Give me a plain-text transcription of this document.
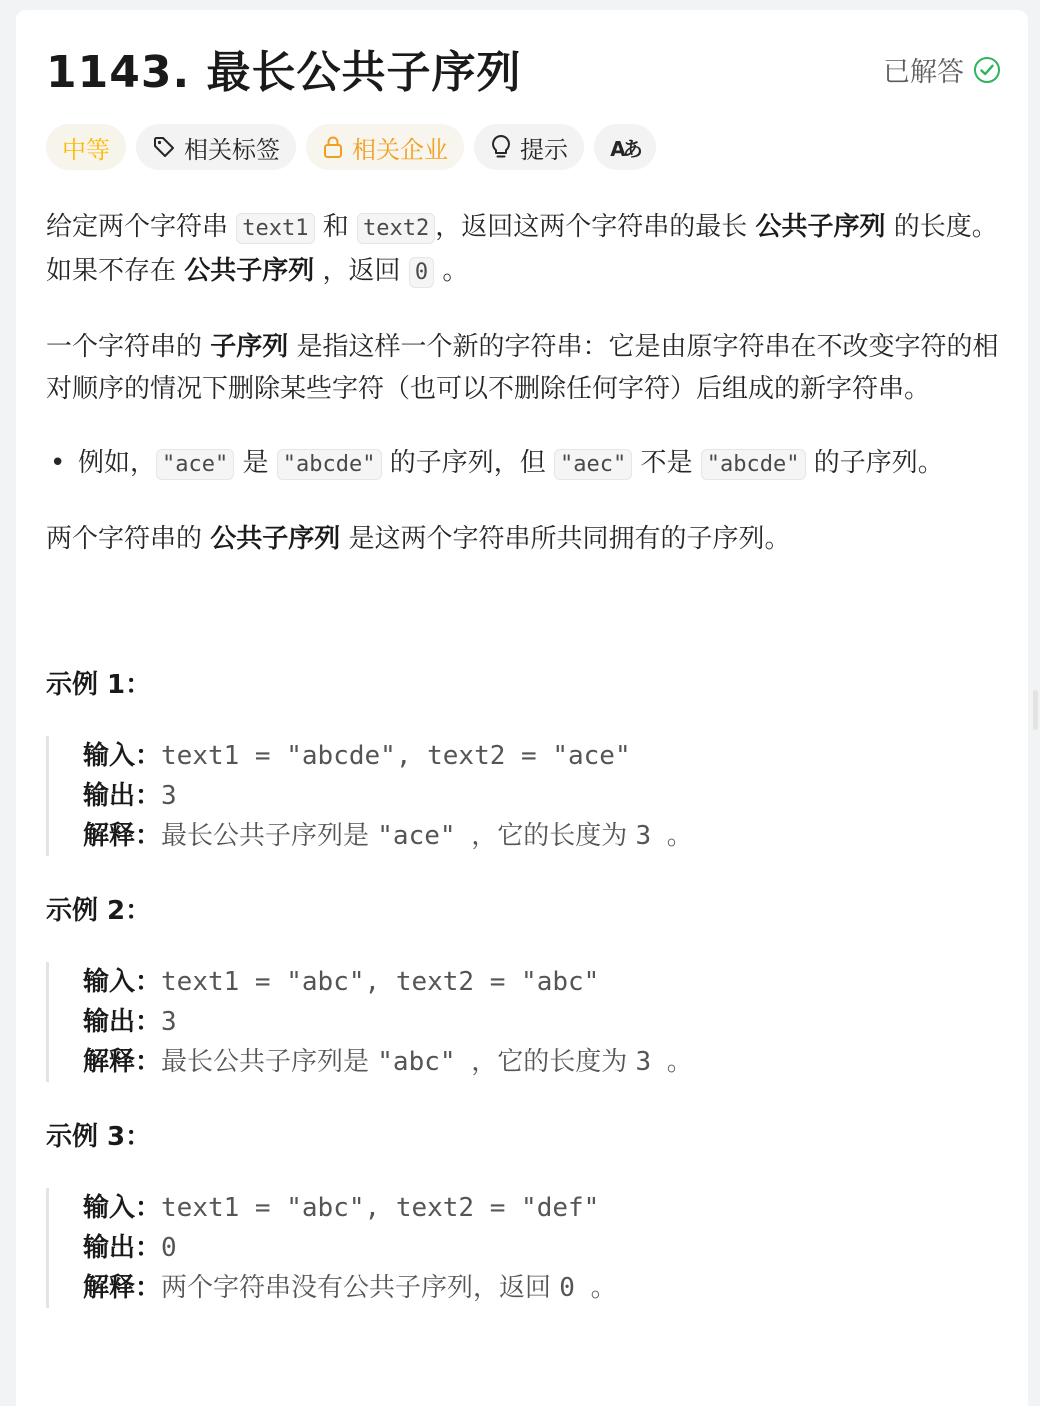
1143. 最长公共子序列	已解答
中等	相关标签	相关企业	提示 Aあ

给定两个字符串 text1 和 text2 ，返回这两个字符串的最长 公共子序列 的长度。如果不存在 公共子序列 ，返回 0 。

一个字符串的 子序列 是指这样一个新的字符串：它是由原字符串在不改变字符的相对顺序的情况下删除某些字符（也可以不删除任何字符）后组成的新字符串。

• 例如， "ace" 是 "abcde" 的子序列，但 "aec" 不是 "abcde" 的子序列。

两个字符串的 公共子序列 是这两个字符串所共同拥有的子序列。

示例 1：
输入：text1 = "abcde", text2 = "ace"
输出：3
解释：最长公共子序列是 "ace" ，它的长度为 3 。
示例 2：
输入：text1 = "abc", text2 = "abc"
输出：3
解释：最长公共子序列是 "abc" ，它的长度为 3 。
示例 3：
输入：text1 = "abc", text2 = "def"
输出：0
解释：两个字符串没有公共子序列，返回 0 。
